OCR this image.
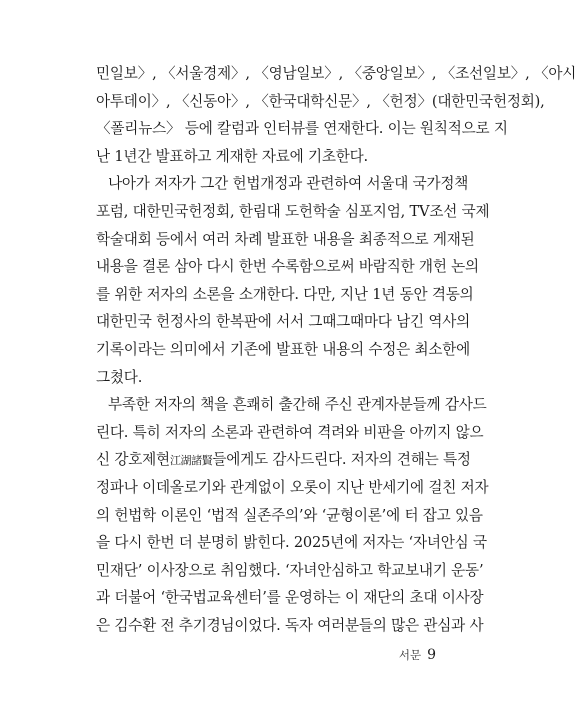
민일보〉, 〈서울경제〉, 〈영남일보〉, 〈중앙일보〉, 〈조선일보〉, 〈아시
아투데이〉, 〈신동아〉, 〈한국대학신문〉, 〈헌정〉(대한민국헌정회),
〈폴리뉴스〉 등에 칼럼과 인터뷰를 연재한다. 이는 원칙적으로 지
난 1년간 발표하고 게재한 자료에 기초한다.
나아가 저자가 그간 헌법개정과 관련하여 서울대 국가정책
포럼, 대한민국헌정회, 한림대 도헌학술 심포지엄, TV조선 국제
학술대회 등에서 여러 차례 발표한 내용을 최종적으로 게재된
내용을 결론 삼아 다시 한번 수록함으로써 바람직한 개헌 논의
를 위한 저자의 소론을 소개한다. 다만, 지난 1년 동안 격동의
대한민국 헌정사의 한복판에 서서 그때그때마다 남긴 역사의
기록이라는 의미에서 기존에 발표한 내용의 수정은 최소한에
그쳤다.
부족한 저자의 책을 흔쾌히 출간해 주신 관계자분들께 감사드
린다. 특히 저자의 소론과 관련하여 격려와 비판을 아끼지 않으
신 강호제현江湖諸賢들에게도 감사드린다. 저자의 견해는 특정
정파나 이데올로기와 관계없이 오롯이 지난 반세기에 걸친 저자
의 헌법학 이론인 ‘법적 실존주의’와 ‘균형이론’에 터 잡고 있음
을 다시 한번 더 분명히 밝힌다. 2025년에 저자는 ‘자녀안심 국
민재단’ 이사장으로 취임했다. ‘자녀안심하고 학교보내기 운동’
과 더불어 ‘한국법교육센터’를 운영하는 이 재단의 초대 이사장
은 김수환 전 추기경님이었다. 독자 여러분들의 많은 관심과 사
서문 9
